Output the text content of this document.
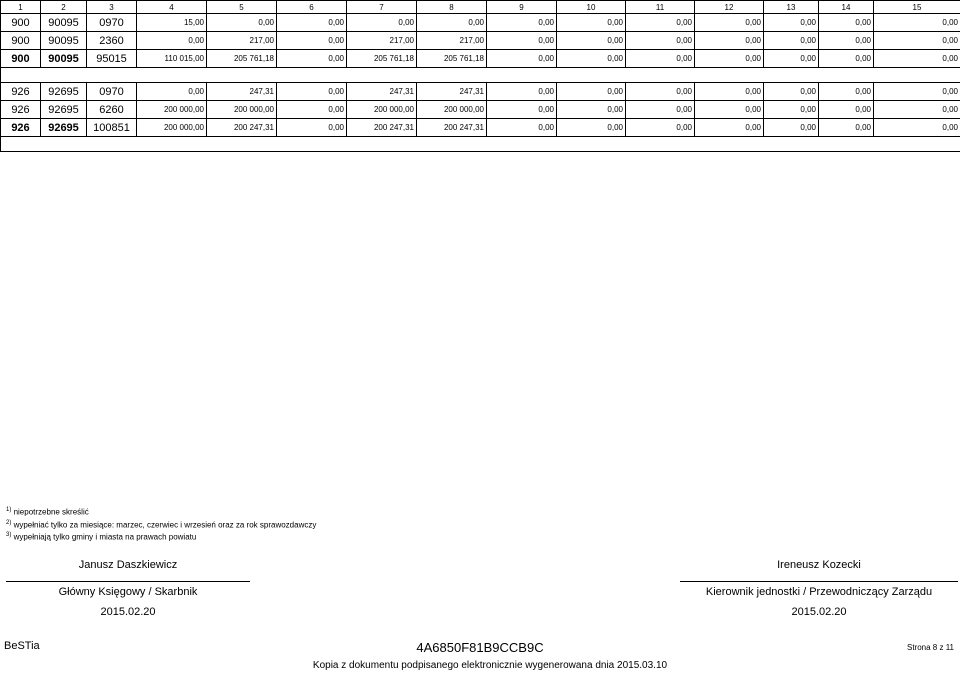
1	2	3	4	5	6	7	8	9	10	11	12	13	14	15
900	90095	0970	15,00	0,00	0,00	0,00	0,00	0,00	0,00	0,00	0,00	0,00	0,00	0,00
900	90095	2360	0,00	217,00	0,00	217,00	217,00	0,00	0,00	0,00	0,00	0,00	0,00	0,00
900	90095	95015	110 015,00	205 761,18	0,00	205 761,18	205 761,18	0,00	0,00	0,00	0,00	0,00	0,00	0,00

926	92695	0970	0,00	247,31	0,00	247,31	247,31	0,00	0,00	0,00	0,00	0,00	0,00	0,00
926	92695	6260	200 000,00	200 000,00	0,00	200 000,00	200 000,00	0,00	0,00	0,00	0,00	0,00	0,00	0,00
926	92695	100851	200 000,00	200 247,31	0,00	200 247,31	200 247,31	0,00	0,00	0,00	0,00	0,00	0,00	0,00

$^{1)}$ niepotrzebne skreślić
$^{2)}$ wypełniać tylko za miesiące: marzec, czerwiec i wrzesień oraz za rok sprawozdawczy
$^{3)}$ wypełniają tylko gminy i miasta na prawach powiatu
Janusz Daszkiewicz
Główny Księgowy / Skarbnik
2015.02.20
Ireneusz Kozecki
Kierownik jednostki / Przewodniczący Zarządu
2015.02.20
BeSTia	4A6850F81B9CCB9C	Strona 8 z 11
Kopia z dokumentu podpisanego elektronicznie wygenerowana dnia 2015.03.10
